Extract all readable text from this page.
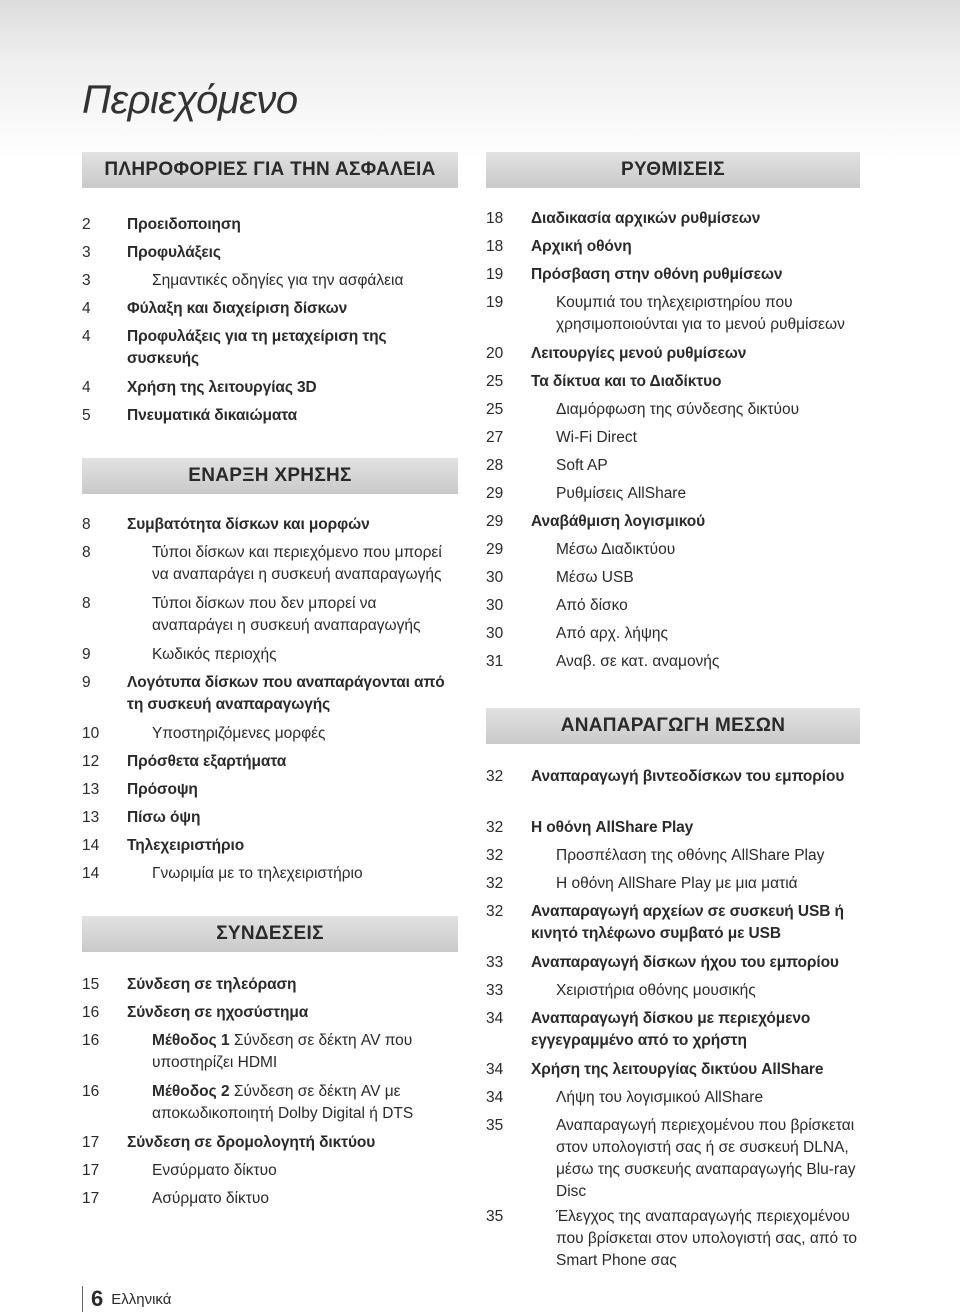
Περιεχόμενο
ΠΛΗΡΟΦΟΡΙΕΣ ΓΙΑ ΤΗΝ ΑΣΦΑΛΕΙΑ
2	Προειδοποιηση
3	Προφυλάξεις
3	Σημαντικές οδηγίες για την ασφάλεια
4	Φύλαξη και διαχείριση δίσκων
4	Προφυλάξεις για τη μεταχείριση της συσκευής
4	Χρήση της λειτουργίας 3D
5	Πνευματικά δικαιώματα
ΕΝΑΡΞΗ ΧΡΗΣΗΣ
8	Συμβατότητα δίσκων και μορφών
8	Τύποι δίσκων και περιεχόμενο που μπορεί να αναπαράγει η συσκευή αναπαραγωγής
8	Τύποι δίσκων που δεν μπορεί να αναπαράγει η συσκευή αναπαραγωγής
9	Κωδικός περιοχής
9	Λογότυπα δίσκων που αναπαράγονται από τη συσκευή αναπαραγωγής
10	Υποστηριζόμενες μορφές
12	Πρόσθετα εξαρτήματα
13	Πρόσοψη
13	Πίσω όψη
14	Τηλεχειριστήριο
14	Γνωριμία με το τηλεχειριστήριο
ΣΥΝΔΕΣΕΙΣ
15	Σύνδεση σε τηλεόραση
16	Σύνδεση σε ηχοσύστημα
16	Μέθοδος 1 Σύνδεση σε δέκτη AV που υποστηρίζει HDMI
16	Μέθοδος 2 Σύνδεση σε δέκτη AV με αποκωδικοποιητή Dolby Digital ή DTS
17	Σύνδεση σε δρομολογητή δικτύου
17	Ενσύρματο δίκτυο
17	Ασύρματο δίκτυο
ΡΥΘΜΙΣΕΙΣ
18	Διαδικασία αρχικών ρυθμίσεων
18	Αρχική οθόνη
19	Πρόσβαση στην οθόνη ρυθμίσεων
19	Κουμπιά του τηλεχειριστηρίου που χρησιμοποιούνται για το μενού ρυθμίσεων
20	Λειτουργίες μενού ρυθμίσεων
25	Τα δίκτυα και το Διαδίκτυο
25	Διαμόρφωση της σύνδεσης δικτύου
27	Wi-Fi Direct
28	Soft AP
29	Ρυθμίσεις AllShare
29	Αναβάθμιση λογισμικού
29	Μέσω Διαδικτύου
30	Μέσω USB
30	Από δίσκο
30	Από αρχ. λήψης
31	Αναβ. σε κατ. αναμονής
ΑΝΑΠΑΡΑΓΩΓΗ ΜΕΣΩΝ
32	Αναπαραγωγή βιντεοδίσκων του εμπορίου
32	Η οθόνη AllShare Play
32	Προσπέλαση της οθόνης AllShare Play
32	Η οθόνη AllShare Play με μια ματιά
32	Αναπαραγωγή αρχείων σε συσκευή USB ή κινητό τηλέφωνο συμβατό με USB
33	Αναπαραγωγή δίσκων ήχου του εμπορίου
33	Χειριστήρια οθόνης μουσικής
34	Αναπαραγωγή δίσκου με περιεχόμενο εγγεγραμμένο από το χρήστη
34	Χρήση της λειτουργίας δικτύου AllShare
34	Λήψη του λογισμικού AllShare
35	Αναπαραγωγή περιεχομένου που βρίσκεται στον υπολογιστή σας ή σε συσκευή DLNA, μέσω της συσκευής αναπαραγωγής Blu-ray Disc
35	Έλεγχος της αναπαραγωγής περιεχομένου που βρίσκεται στον υπολογιστή σας, από το Smart Phone σας
6 Ελληνικά
